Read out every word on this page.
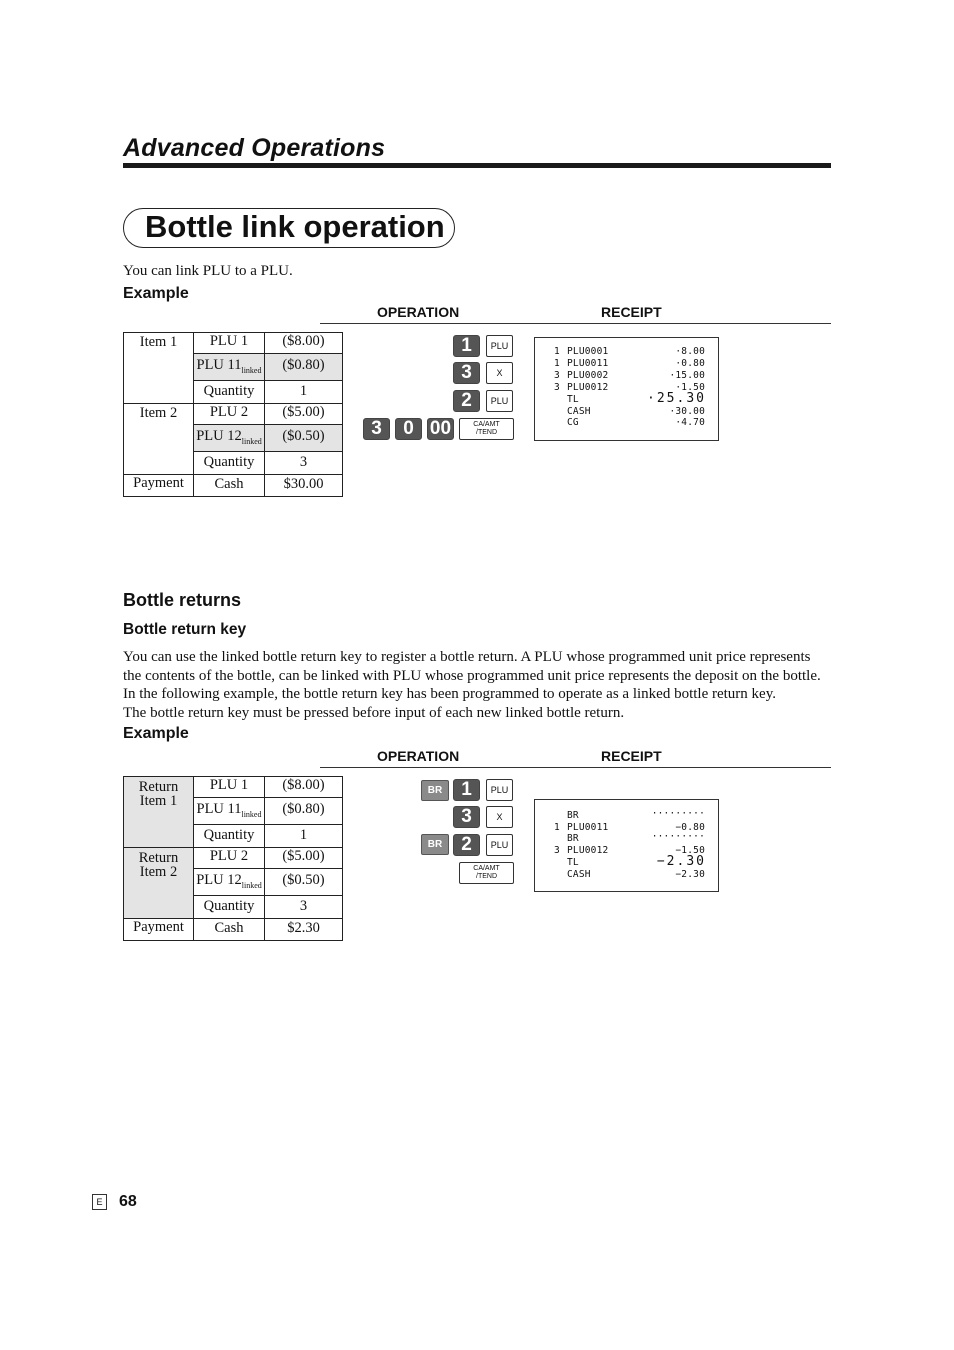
Advanced Operations
Bottle link operation
You can link PLU to a PLU.
Example
OPERATION	RECEIPT
Item 1	PLU 1	($8.00)
	PLU $11_{linked}$	($0.80)
	Quantity	1
Item 2	PLU 2	($5.00)
	PLU $12_{linked}$	($0.50)
	Quantity	3
Payment	Cash	$30.00
1	PLU
3	X
2	PLU
3	0 00	CA/AMT
/TEND
1 PLU0001	·8.00
1 PLU0011	·0.80
3 PLU0002	·15.00
3 PLU0012	·1.50
TL	·25.30
CASH	·30.00
CG	·4.70
Bottle returns
Bottle return key
You can use the linked bottle return key to register a bottle return. A PLU whose programmed unit price represents
the contents of the bottle, can be linked with PLU whose programmed unit price represents the deposit on the bottle.
In the following example, the bottle return key has been programmed to operate as a linked bottle return key.
The bottle return key must be pressed before input of each new linked bottle return.
Example
OPERATION	RECEIPT
Return Item 1	PLU 1	($8.00)
	PLU $11_{linked}$	($0.80)
	Quantity	1
Return Item 2	PLU 2	($5.00)
	PLU $12_{linked}$	($0.50)
	Quantity	3
Payment	Cash	$2.30
BR 1	PLU
3	X
BR 2	PLU
CA/AMT
/TEND
BR	·········
1 PLU0011	−0.80
BR	·········
3 PLU0012	−1.50
TL	−2.30
CASH	−2.30
E 68
